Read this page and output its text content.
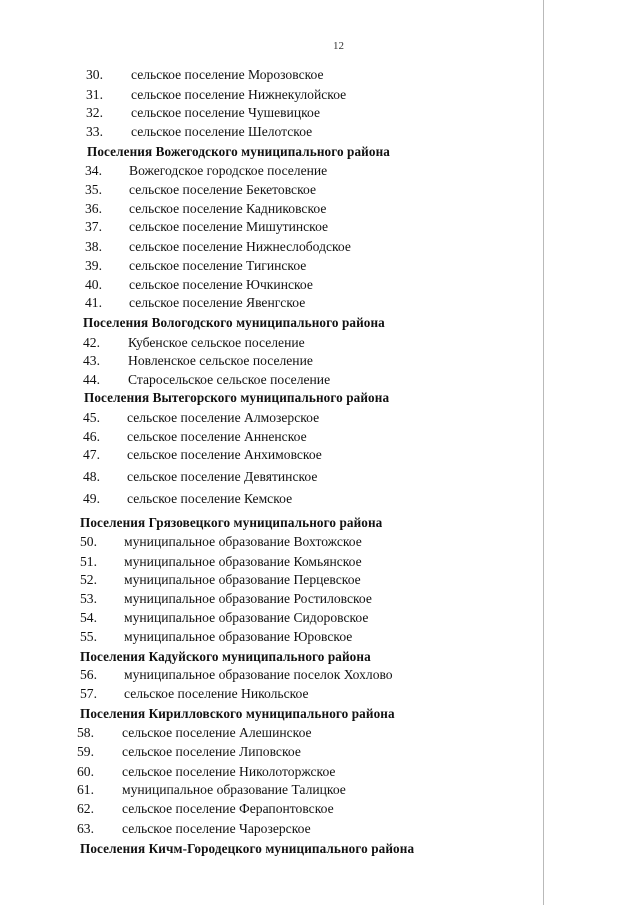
12
30. сельское поселение Морозовское
31. сельское поселение Нижнекулойское
32. сельское поселение Чушевицкое
33. сельское поселение Шелотское
Поселения Вожегодского муниципального района
34. Вожегодское городское поселение
35. сельское поселение Бекетовское
36. сельское поселение Кадниковское
37. сельское поселение Мишутинское
38. сельское поселение Нижнеслободское
39. сельское поселение Тигинское
40. сельское поселение Ючкинское
41. сельское поселение Явенгское
Поселения Вологодского муниципального района
42. Кубенское сельское поселение
43. Новленское сельское поселение
44. Старосельское сельское поселение
Поселения Вытегорского муниципального района
45. сельское поселение Алмозерское
46. сельское поселение Анненское
47. сельское поселение Анхимовское
48. сельское поселение Девятинское
49. сельское поселение Кемское
Поселения Грязовецкого муниципального района
50. муниципальное образование Вохтожское
51. муниципальное образование Комьянское
52. муниципальное образование Перцевское
53. муниципальное образование Ростиловское
54. муниципальное образование Сидоровское
55. муниципальное образование Юровское
Поселения Кадуйского муниципального района
56. муниципальное образование поселок Хохлово
57. сельское поселение Никольское
Поселения Кирилловского муниципального района
58. сельское поселение Алешинское
59. сельское поселение Липовское
60. сельское поселение Николоторжское
61. муниципальное образование Талицкое
62. сельское поселение Ферапонтовское
63. сельское поселение Чарозерское
Поселения Кичм-Городецкого муниципального района
